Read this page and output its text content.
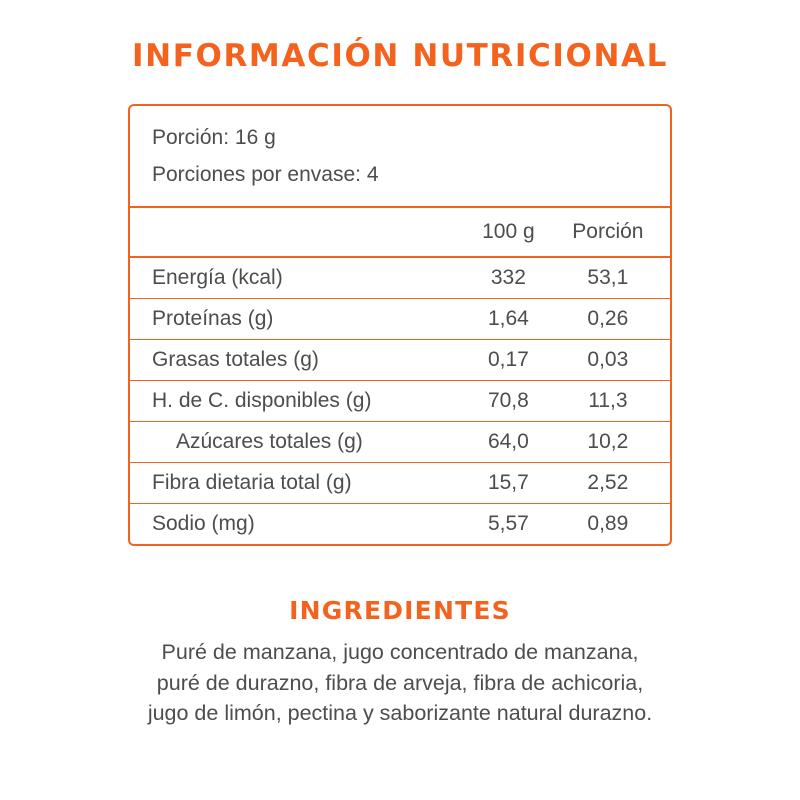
INFORMACIÓN NUTRICIONAL
Porción: 16 g
Porciones por envase: 4
	100 g	Porción
Energía (kcal)	332	53,1
Proteínas (g)	1,64	0,26
Grasas totales (g)	0,17	0,03
H. de C. disponibles (g)	70,8	11,3
Azúcares totales (g)	64,0	10,2
Fibra dietaria total (g)	15,7	2,52
Sodio (mg)	5,57	0,89
INGREDIENTES
Puré de manzana, jugo concentrado de manzana,
puré de durazno, fibra de arveja, fibra de achicoria,
jugo de limón, pectina y saborizante natural durazno.
